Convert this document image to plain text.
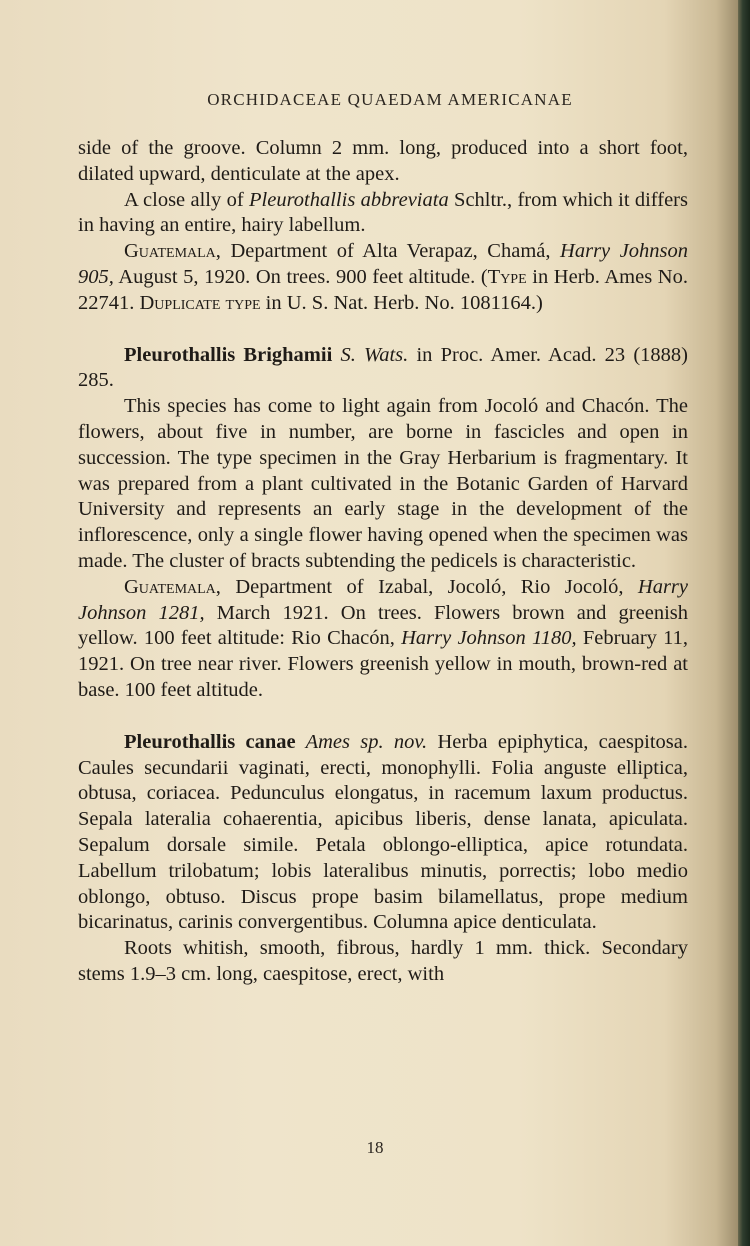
ORCHIDACEAE QUAEDAM AMERICANAE

side of the groove. Column 2 mm. long, produced into a short foot, dilated upward, denticulate at the apex.

A close ally of Pleurothallis abbreviata Schltr., from which it differs in having an entire, hairy labellum.

Guatemala, Department of Alta Verapaz, Chamá, Harry Johnson 905, August 5, 1920. On trees. 900 feet altitude. (Type in Herb. Ames No. 22741. Duplicate type in U. S. Nat. Herb. No. 1081164.)

Pleurothallis Brighamii S. Wats. in Proc. Amer. Acad. 23 (1888) 285.

This species has come to light again from Jocoló and Chacón. The flowers, about five in number, are borne in fascicles and open in succession. The type specimen in the Gray Herbarium is fragmentary. It was prepared from a plant cultivated in the Botanic Garden of Harvard University and represents an early stage in the development of the inflorescence, only a single flower having opened when the specimen was made. The cluster of bracts subtending the pedicels is characteristic.

Guatemala, Department of Izabal, Jocoló, Rio Jocoló, Harry Johnson 1281, March 1921. On trees. Flowers brown and greenish yellow. 100 feet altitude: Rio Chacón, Harry Johnson 1180, February 11, 1921. On tree near river. Flowers greenish yellow in mouth, brown-red at base. 100 feet altitude.

Pleurothallis canae Ames sp. nov. Herba epiphytica, caespitosa. Caules secundarii vaginati, erecti, monophylli. Folia anguste elliptica, obtusa, coriacea. Pedunculus elongatus, in racemum laxum productus. Sepala lateralia cohaerentia, apicibus liberis, dense lanata, apiculata. Sepalum dorsale simile. Petala oblongo-elliptica, apice rotundata. Labellum trilobatum; lobis lateralibus minutis, porrectis; lobo medio oblongo, obtuso. Discus prope basim bilamellatus, prope medium bicarinatus, carinis convergentibus. Columna apice denticulata.

Roots whitish, smooth, fibrous, hardly 1 mm. thick. Secondary stems 1.9–3 cm. long, caespitose, erect, with

18
